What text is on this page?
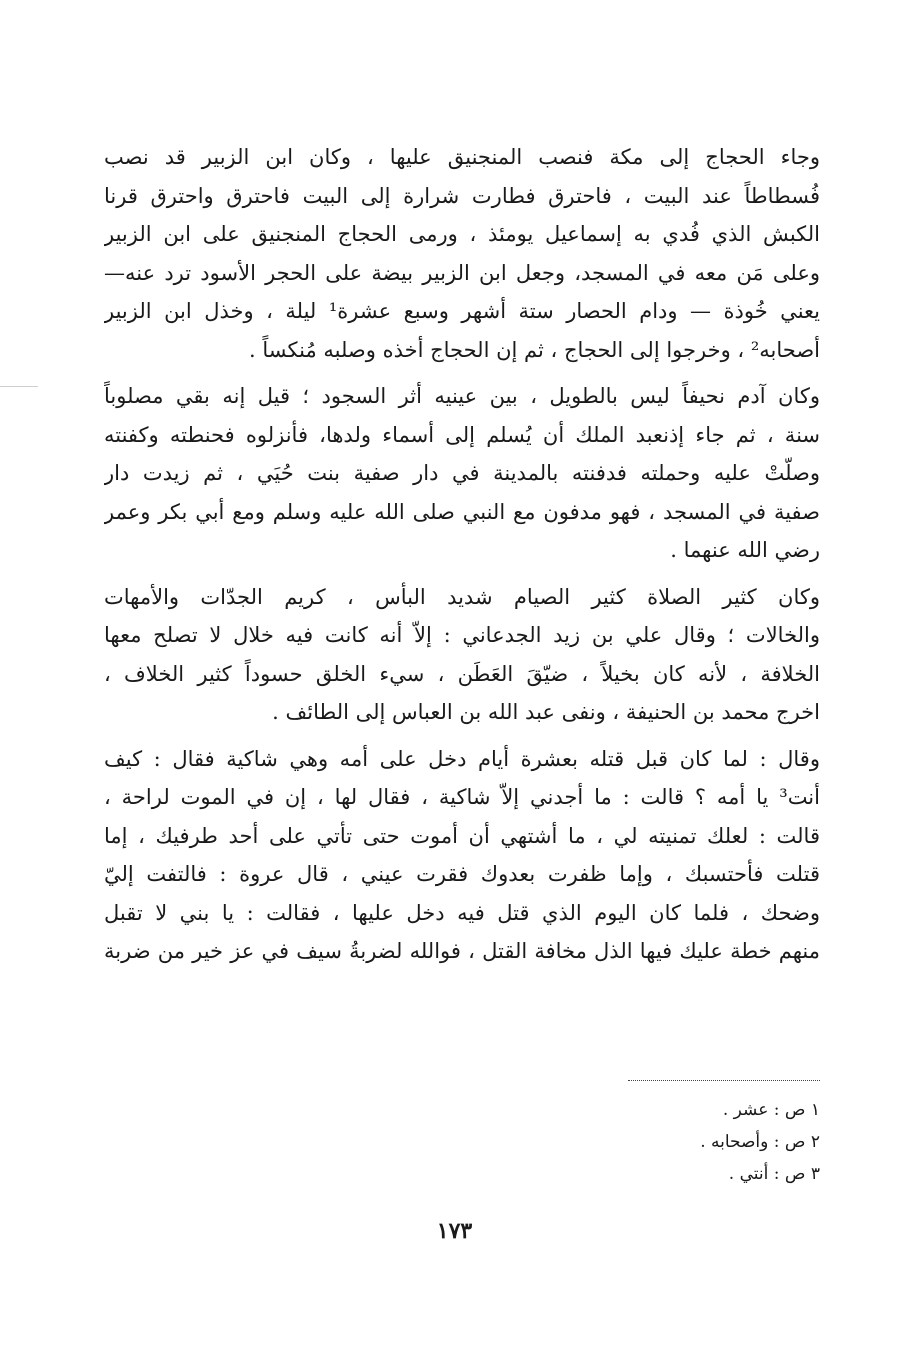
وجاء الحجاج إلى مكة فنصب المنجنيق عليها ، وكان ابن الزبير قد نصب
فُسطاطاً عند البيت ، فاحترق فطارت شرارة إلى البيت فاحترق واحترق قرنا
الكبش الذي فُدي به إسماعيل يومئذ ، ورمى الحجاج المنجنيق على ابن الزبير
وعلى مَن معه في المسجد، وجعل ابن الزبير بيضة على الحجر الأسود ترد عنه—
يعني خُوذة — ودام الحصار ستة أشهر وسبع عشرة¹ ليلة ، وخذل ابن الزبير
أصحابه² ، وخرجوا إلى الحجاج ، ثم إن الحجاج أخذه وصلبه مُنكساً .
وكان آدم نحيفاً ليس بالطويل ، بين عينيه أثر السجود ؛ قيل إنه بقي مصلوباً
سنة ، ثم جاء إذنعبد الملك أن يُسلم إلى أسماء ولدها، فأنزلوه فحنطته وكفنته
وصلّتْ عليه وحملته فدفنته بالمدينة في دار صفية بنت حُيَي ، ثم زيدت دار
صفية في المسجد ، فهو مدفون مع النبي صلى الله عليه وسلم ومع أبي بكر وعمر
رضي الله عنهما .
وكان كثير الصلاة كثير الصيام شديد البأس ، كريم الجدّات والأمهات
والخالات ؛ وقال علي بن زيد الجدعاني : إلاّ أنه كانت فيه خلال لا تصلح معها
الخلافة ، لأنه كان بخيلاً ، ضيّقَ العَطَن ، سيء الخلق حسوداً كثير الخلاف ،
اخرج محمد بن الحنيفة ، ونفى عبد الله بن العباس إلى الطائف .
وقال : لما كان قبل قتله بعشرة أيام دخل على أمه وهي شاكية فقال : كيف
أنت³ يا أمه ؟ قالت : ما أجدني إلاّ شاكية ، فقال لها ، إن في الموت لراحة ،
قالت : لعلك تمنيته لي ، ما أشتهي أن أموت حتى تأتي على أحد طرفيك ، إما
قتلت فأحتسبك ، وإما ظفرت بعدوك فقرت عيني ، قال عروة : فالتفت إليّ
وضحك ، فلما كان اليوم الذي قتل فيه دخل عليها ، فقالت : يا بني لا تقبل
منهم خطة عليك فيها الذل مخافة القتل ، فوالله لضربةُ سيف في عز خير من ضربة
١ ص : عشر .
٢ ص : وأصحابه .
٣ ص : أنتي .
١٧٣
